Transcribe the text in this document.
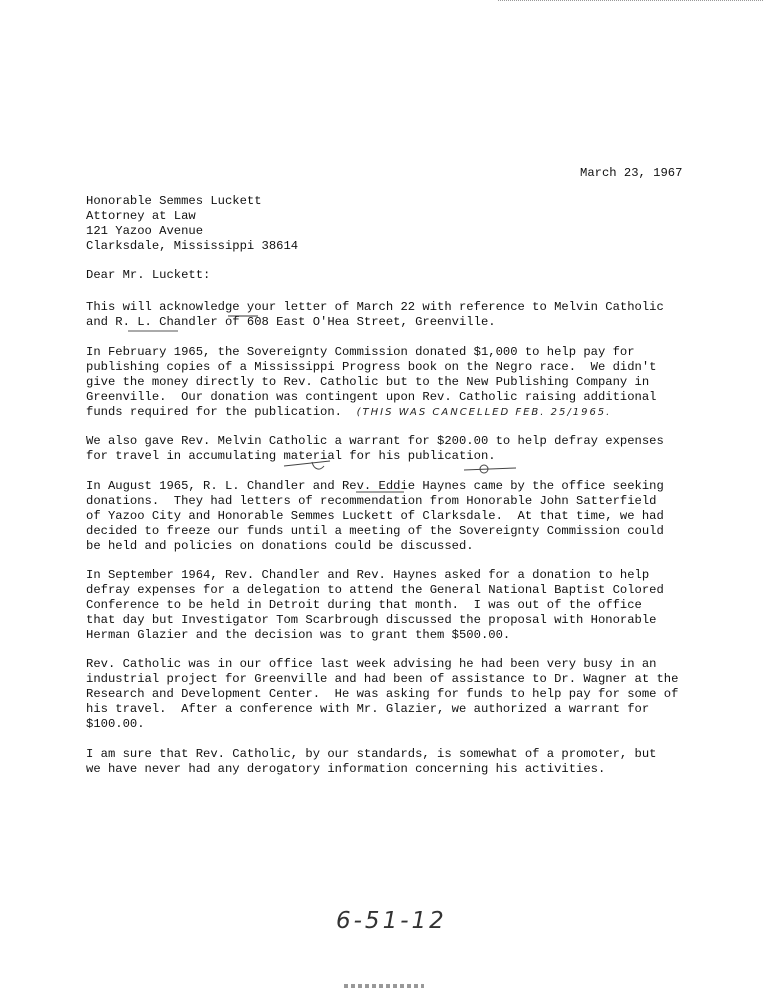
March 23, 1967
Honorable Semmes Luckett
Attorney at Law
121 Yazoo Avenue
Clarksdale, Mississippi 38614
Dear Mr. Luckett:
This will acknowledge your letter of March 22 with reference to Melvin Catholic
and R. L. Chandler of 608 East O'Hea Street, Greenville.
In February 1965, the Sovereignty Commission donated $1,000 to help pay for
publishing copies of a Mississippi Progress book on the Negro race.  We didn't
give the money directly to Rev. Catholic but to the New Publishing Company in
Greenville.  Our donation was contingent upon Rev. Catholic raising additional
funds required for the publication. (THIS WAS CANCELLED FEB. 25/1965.
We also gave Rev. Melvin Catholic a warrant for $200.00 to help defray expenses
for travel in accumulating material for his publication.
In August 1965, R. L. Chandler and Rev. Eddie Haynes came by the office seeking
donations.  They had letters of recommendation from Honorable John Satterfield
of Yazoo City and Honorable Semmes Luckett of Clarksdale.  At that time, we had
decided to freeze our funds until a meeting of the Sovereignty Commission could
be held and policies on donations could be discussed.
In September 1964, Rev. Chandler and Rev. Haynes asked for a donation to help
defray expenses for a delegation to attend the General National Baptist Colored
Conference to be held in Detroit during that month.  I was out of the office
that day but Investigator Tom Scarbrough discussed the proposal with Honorable
Herman Glazier and the decision was to grant them $500.00.
Rev. Catholic was in our office last week advising he had been very busy in an
industrial project for Greenville and had been of assistance to Dr. Wagner at the
Research and Development Center.  He was asking for funds to help pay for some of
his travel.  After a conference with Mr. Glazier, we authorized a warrant for
$100.00.
I am sure that Rev. Catholic, by our standards, is somewhat of a promoter, but
we have never had any derogatory information concerning his activities.
6-51-12
